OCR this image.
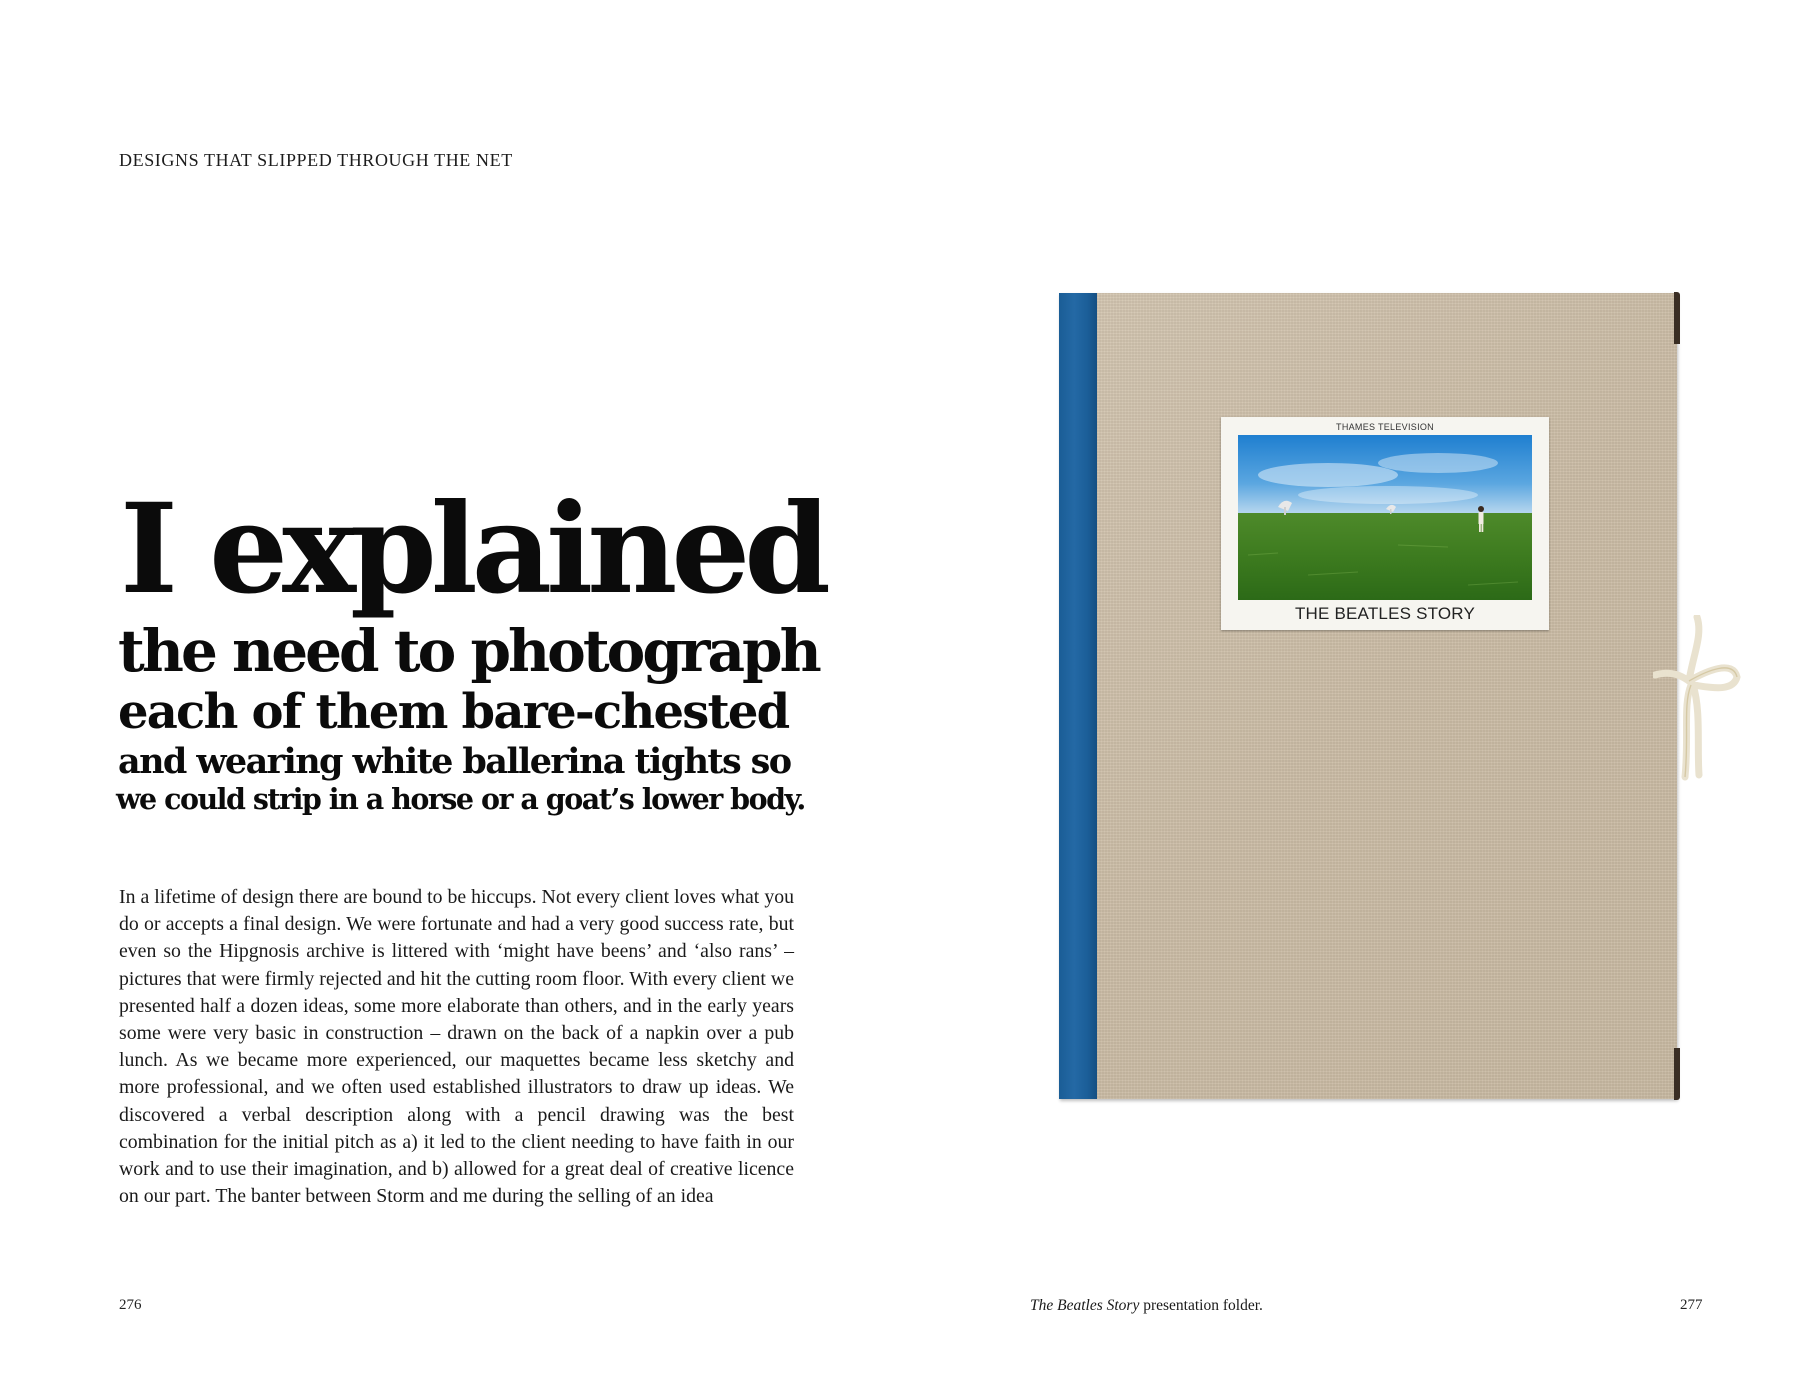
DESIGNS THAT SLIPPED THROUGH THE NET
I explained
the need to photograph
each of them bare-chested
and wearing white ballerina tights so
we could strip in a horse or a goat’s lower body.

In a lifetime of design there are bound to be hiccups. Not every client loves what you do or accepts a final design. We were fortunate and had a very good success rate, but even so the Hipgnosis archive is littered with ‘might have beens’ and ‘also rans’ – pictures that were firmly rejected and hit the cutting room floor. With every client we presented half a dozen ideas, some more elaborate than others, and in the early years some were very basic in construction – drawn on the back of a napkin over a pub lunch. As we became more experienced, our maquettes became less sketchy and more professional, and we often used established illustrators to draw up ideas. We discovered a verbal description along with a pencil drawing was the best combination for the initial pitch as a) it led to the client needing to have faith in our work and to use their imagination, and b) allowed for a great deal of creative licence on our part. The banter between Storm and me during the selling of an idea

276
THAMES TELEVISION
THE BEATLES STORY
The Beatles Story presentation folder.	277
